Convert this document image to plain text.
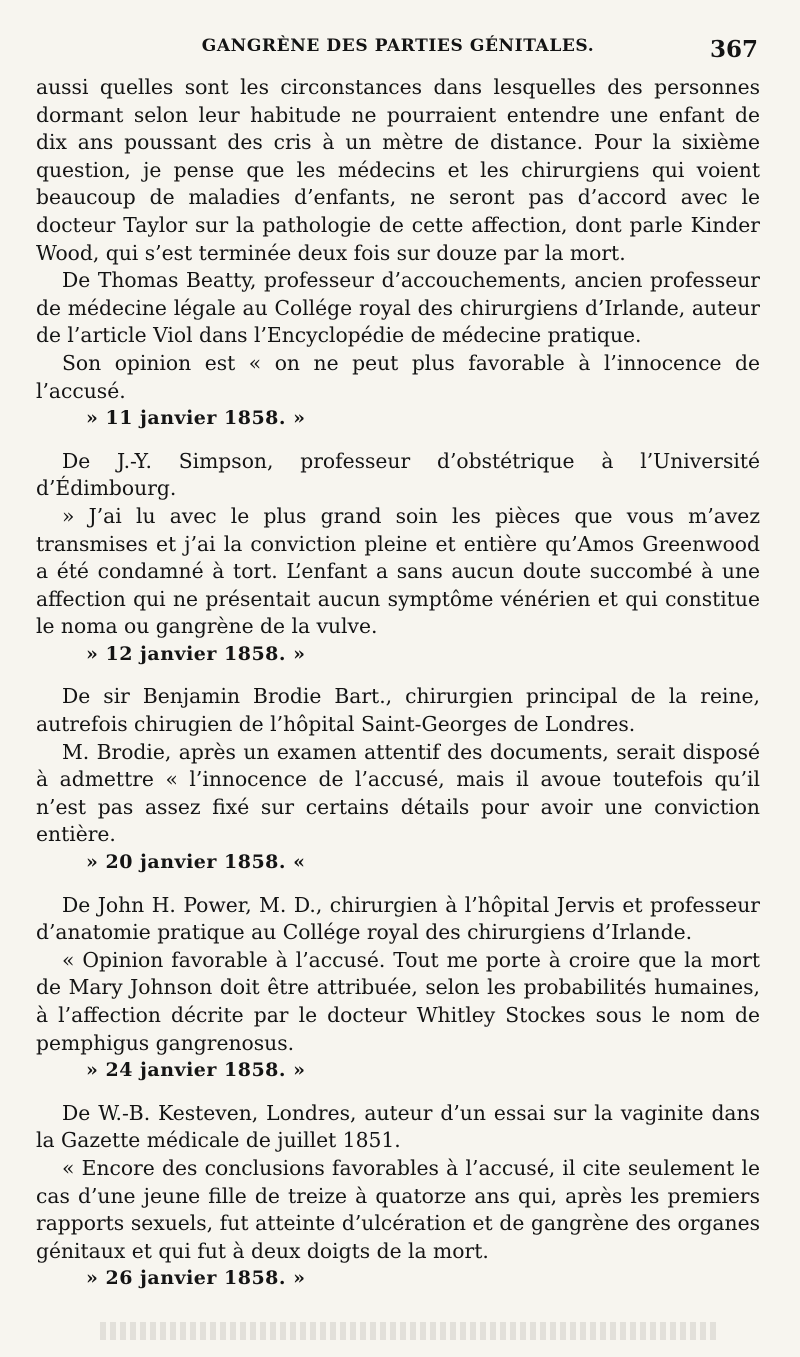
GANGRÈNE DES PARTIES GÉNITALES.	367

aussi quelles sont les circonstances dans lesquelles des personnes dormant selon leur habitude ne pourraient entendre une enfant de dix ans poussant des cris à un mètre de distance. Pour la sixième question, je pense que les médecins et les chirurgiens qui voient beaucoup de maladies d’enfants, ne seront pas d’accord avec le docteur Taylor sur la pathologie de cette affection, dont parle Kinder Wood, qui s’est terminée deux fois sur douze par la mort.

De Thomas Beatty, professeur d’accouchements, ancien professeur de médecine légale au Collége royal des chirurgiens d’Irlande, auteur de l’article Viol dans l’Encyclopédie de médecine pratique.

Son opinion est « on ne peut plus favorable à l’innocence de l’accusé.

» 11 janvier 1858. »

De J.-Y. Simpson, professeur d’obstétrique à l’Université d’Édimbourg.

» J’ai lu avec le plus grand soin les pièces que vous m’avez transmises et j’ai la conviction pleine et entière qu’Amos Greenwood a été condamné à tort. L’enfant a sans aucun doute succombé à une affection qui ne présentait aucun symptôme vénérien et qui constitue le noma ou gangrène de la vulve.

» 12 janvier 1858. »

De sir Benjamin Brodie Bart., chirurgien principal de la reine, autrefois chirugien de l’hôpital Saint-Georges de Londres.

M. Brodie, après un examen attentif des documents, serait disposé à admettre « l’innocence de l’accusé, mais il avoue toutefois qu’il n’est pas assez fixé sur certains détails pour avoir une conviction entière.

» 20 janvier 1858. «

De John H. Power, M. D., chirurgien à l’hôpital Jervis et professeur d’anatomie pratique au Collége royal des chirurgiens d’Irlande.

« Opinion favorable à l’accusé. Tout me porte à croire que la mort de Mary Johnson doit être attribuée, selon les probabilités humaines, à l’affection décrite par le docteur Whitley Stockes sous le nom de pemphigus gangrenosus.

» 24 janvier 1858. »

De W.-B. Kesteven, Londres, auteur d’un essai sur la vaginite dans la Gazette médicale de juillet 1851.

« Encore des conclusions favorables à l’accusé, il cite seulement le cas d’une jeune fille de treize à quatorze ans qui, après les premiers rapports sexuels, fut atteinte d’ulcération et de gangrène des organes génitaux et qui fut à deux doigts de la mort.

» 26 janvier 1858. »
